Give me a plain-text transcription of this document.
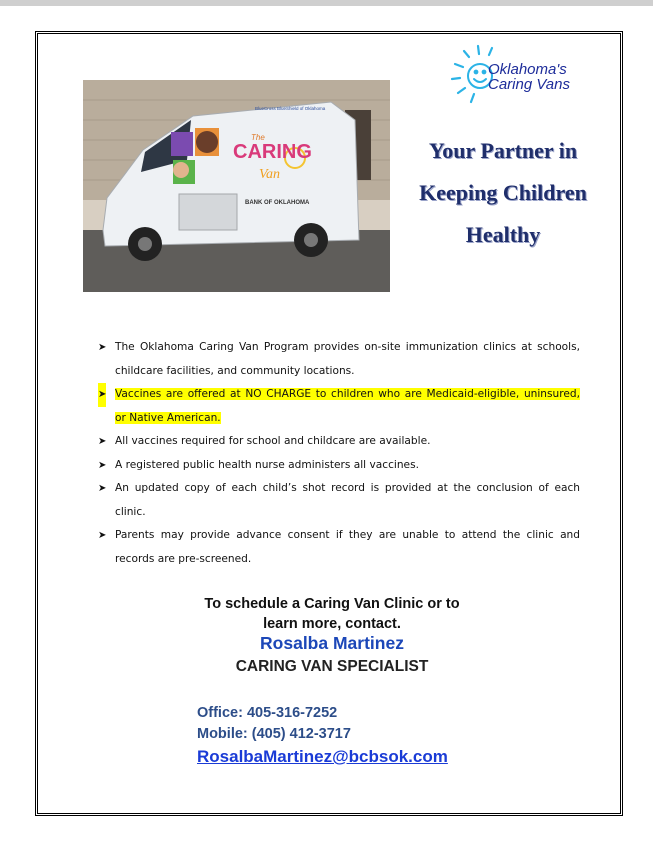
Oklahoma's
Caring Vans
The
CARING
Van
BlueCross BlueShield of Oklahoma
BANK OF OKLAHOMA
Your Partner in
Keeping Children
Healthy
➤ The Oklahoma Caring Van Program provides on-site immunization clinics at schools, childcare facilities, and community locations.
➤ Vaccines are offered at NO CHARGE to children who are Medicaid-eligible, uninsured, or Native American.
➤ All vaccines required for school and childcare are available.
➤ A registered public health nurse administers all vaccines.
➤ An updated copy of each child’s shot record is provided at the conclusion of each clinic.
➤ Parents may provide advance consent if they are unable to attend the clinic and records are pre-screened.
To schedule a Caring Van Clinic or to
learn more, contact.
Rosalba Martinez
CARING VAN SPECIALIST
Office: 405-316-7252
Mobile: (405) 412-3717
RosalbaMartinez@bcbsok.com
